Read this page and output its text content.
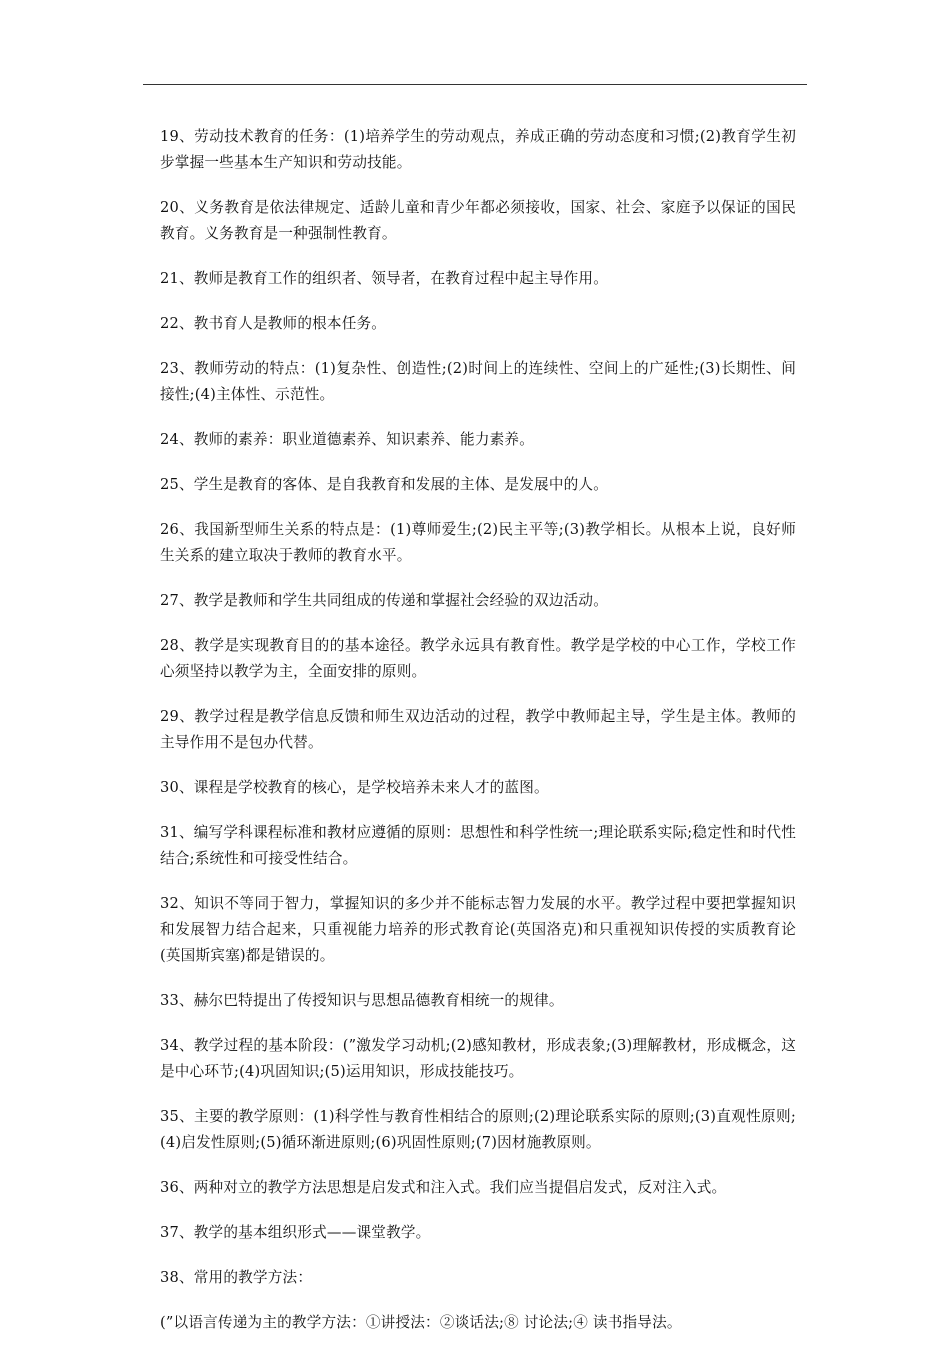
19、劳动技术教育的任务：(1)培养学生的劳动观点，养成正确的劳动态度和习惯;(2)教育学生初步掌握一些基本生产知识和劳动技能。

20、义务教育是依法律规定、适龄儿童和青少年都必须接收，国家、社会、家庭予以保证的国民教育。义务教育是一种强制性教育。

21、教师是教育工作的组织者、领导者，在教育过程中起主导作用。

22、教书育人是教师的根本任务。

23、教师劳动的特点：(1)复杂性、创造性;(2)时间上的连续性、空间上的广延性;(3)长期性、间接性;(4)主体性、示范性。

24、教师的素养：职业道德素养、知识素养、能力素养。

25、学生是教育的客体、是自我教育和发展的主体、是发展中的人。

26、我国新型师生关系的特点是：(1)尊师爱生;(2)民主平等;(3)教学相长。从根本上说，良好师生关系的建立取决于教师的教育水平。

27、教学是教师和学生共同组成的传递和掌握社会经验的双边活动。

28、教学是实现教育目的的基本途径。教学永远具有教育性。教学是学校的中心工作，学校工作心须坚持以教学为主，全面安排的原则。

29、教学过程是教学信息反馈和师生双边活动的过程，教学中教师起主导，学生是主体。教师的主导作用不是包办代替。

30、课程是学校教育的核心，是学校培养未来人才的蓝图。

31、编写学科课程标准和教材应遵循的原则：思想性和科学性统一;理论联系实际;稳定性和时代性结合;系统性和可接受性结合。

32、知识不等同于智力，掌握知识的多少并不能标志智力发展的水平。教学过程中要把掌握知识和发展智力结合起来，只重视能力培养的形式教育论(英国洛克)和只重视知识传授的实质教育论(英国斯宾塞)都是错误的。

33、赫尔巴特提出了传授知识与思想品德教育相统一的规律。

34、教学过程的基本阶段：(”激发学习动机;(2)感知教材，形成表象;(3)理解教材，形成概念，这是中心环节;(4)巩固知识;(5)运用知识，形成技能技巧。

35、主要的教学原则：(1)科学性与教育性相结合的原则;(2)理论联系实际的原则;(3)直观性原则;(4)启发性原则;(5)循环渐进原则;(6)巩固性原则;(7)因材施教原则。

36、两种对立的教学方法思想是启发式和注入式。我们应当提倡启发式，反对注入式。

37、教学的基本组织形式——课堂教学。

38、常用的教学方法：

(”以语言传递为主的教学方法：①讲授法：②谈话法;⑧ 讨论法;④ 读书指导法。
